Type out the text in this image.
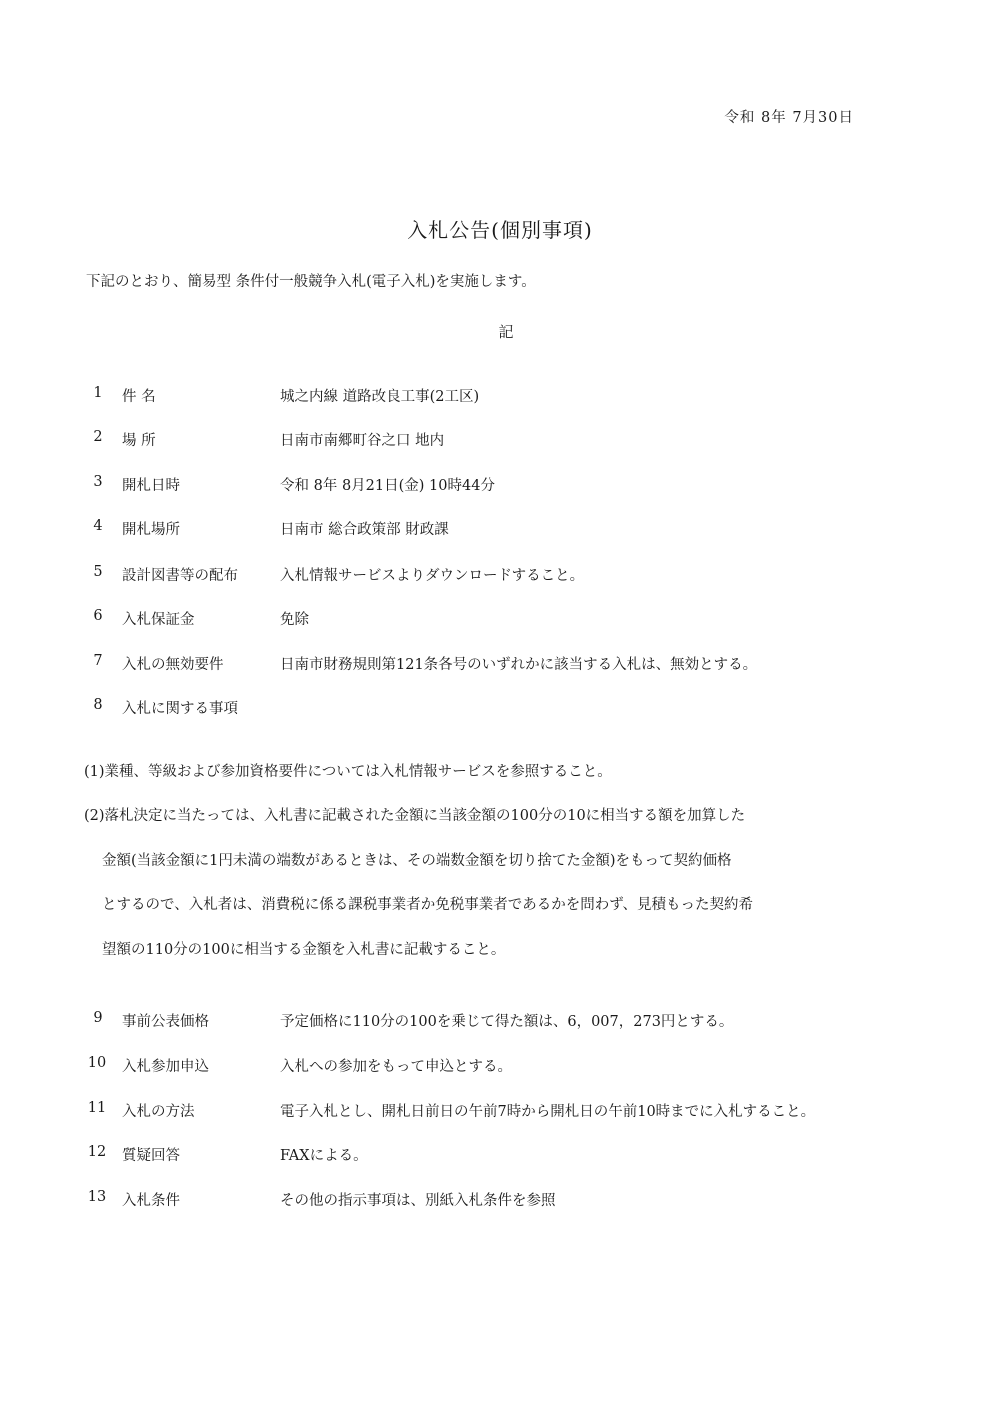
令和 8年 7月30日
入札公告(個別事項)
下記のとおり、簡易型 条件付一般競争入札(電子入札)を実施します。
記
1	件 名	城之内線 道路改良工事(2工区)
2	場 所	日南市南郷町谷之口 地内
3	開札日時	令和 8年 8月21日(金) 10時44分
4	開札場所	日南市 総合政策部 財政課
5	設計図書等の配布	入札情報サービスよりダウンロードすること。
6	入札保証金	免除
7	入札の無効要件	日南市財務規則第121条各号のいずれかに該当する入札は、無効とする。
8	入札に関する事項
(1)業種、等級および参加資格要件については入札情報サービスを参照すること。
(2)落札決定に当たっては、入札書に記載された金額に当該金額の100分の10に相当する額を加算した
金額(当該金額に1円未満の端数があるときは、その端数金額を切り捨てた金額)をもって契約価格
とするので、入札者は、消費税に係る課税事業者か免税事業者であるかを問わず、見積もった契約希
望額の110分の100に相当する金額を入札書に記載すること。
9	事前公表価格	予定価格に110分の100を乗じて得た額は、6，007，273円とする。
10 入札参加申込	入札への参加をもって申込とする。
11 入札の方法	電子入札とし、開札日前日の午前7時から開札日の午前10時までに入札すること。
12 質疑回答	FAXによる。
13 入札条件	その他の指示事項は、別紙入札条件を参照
